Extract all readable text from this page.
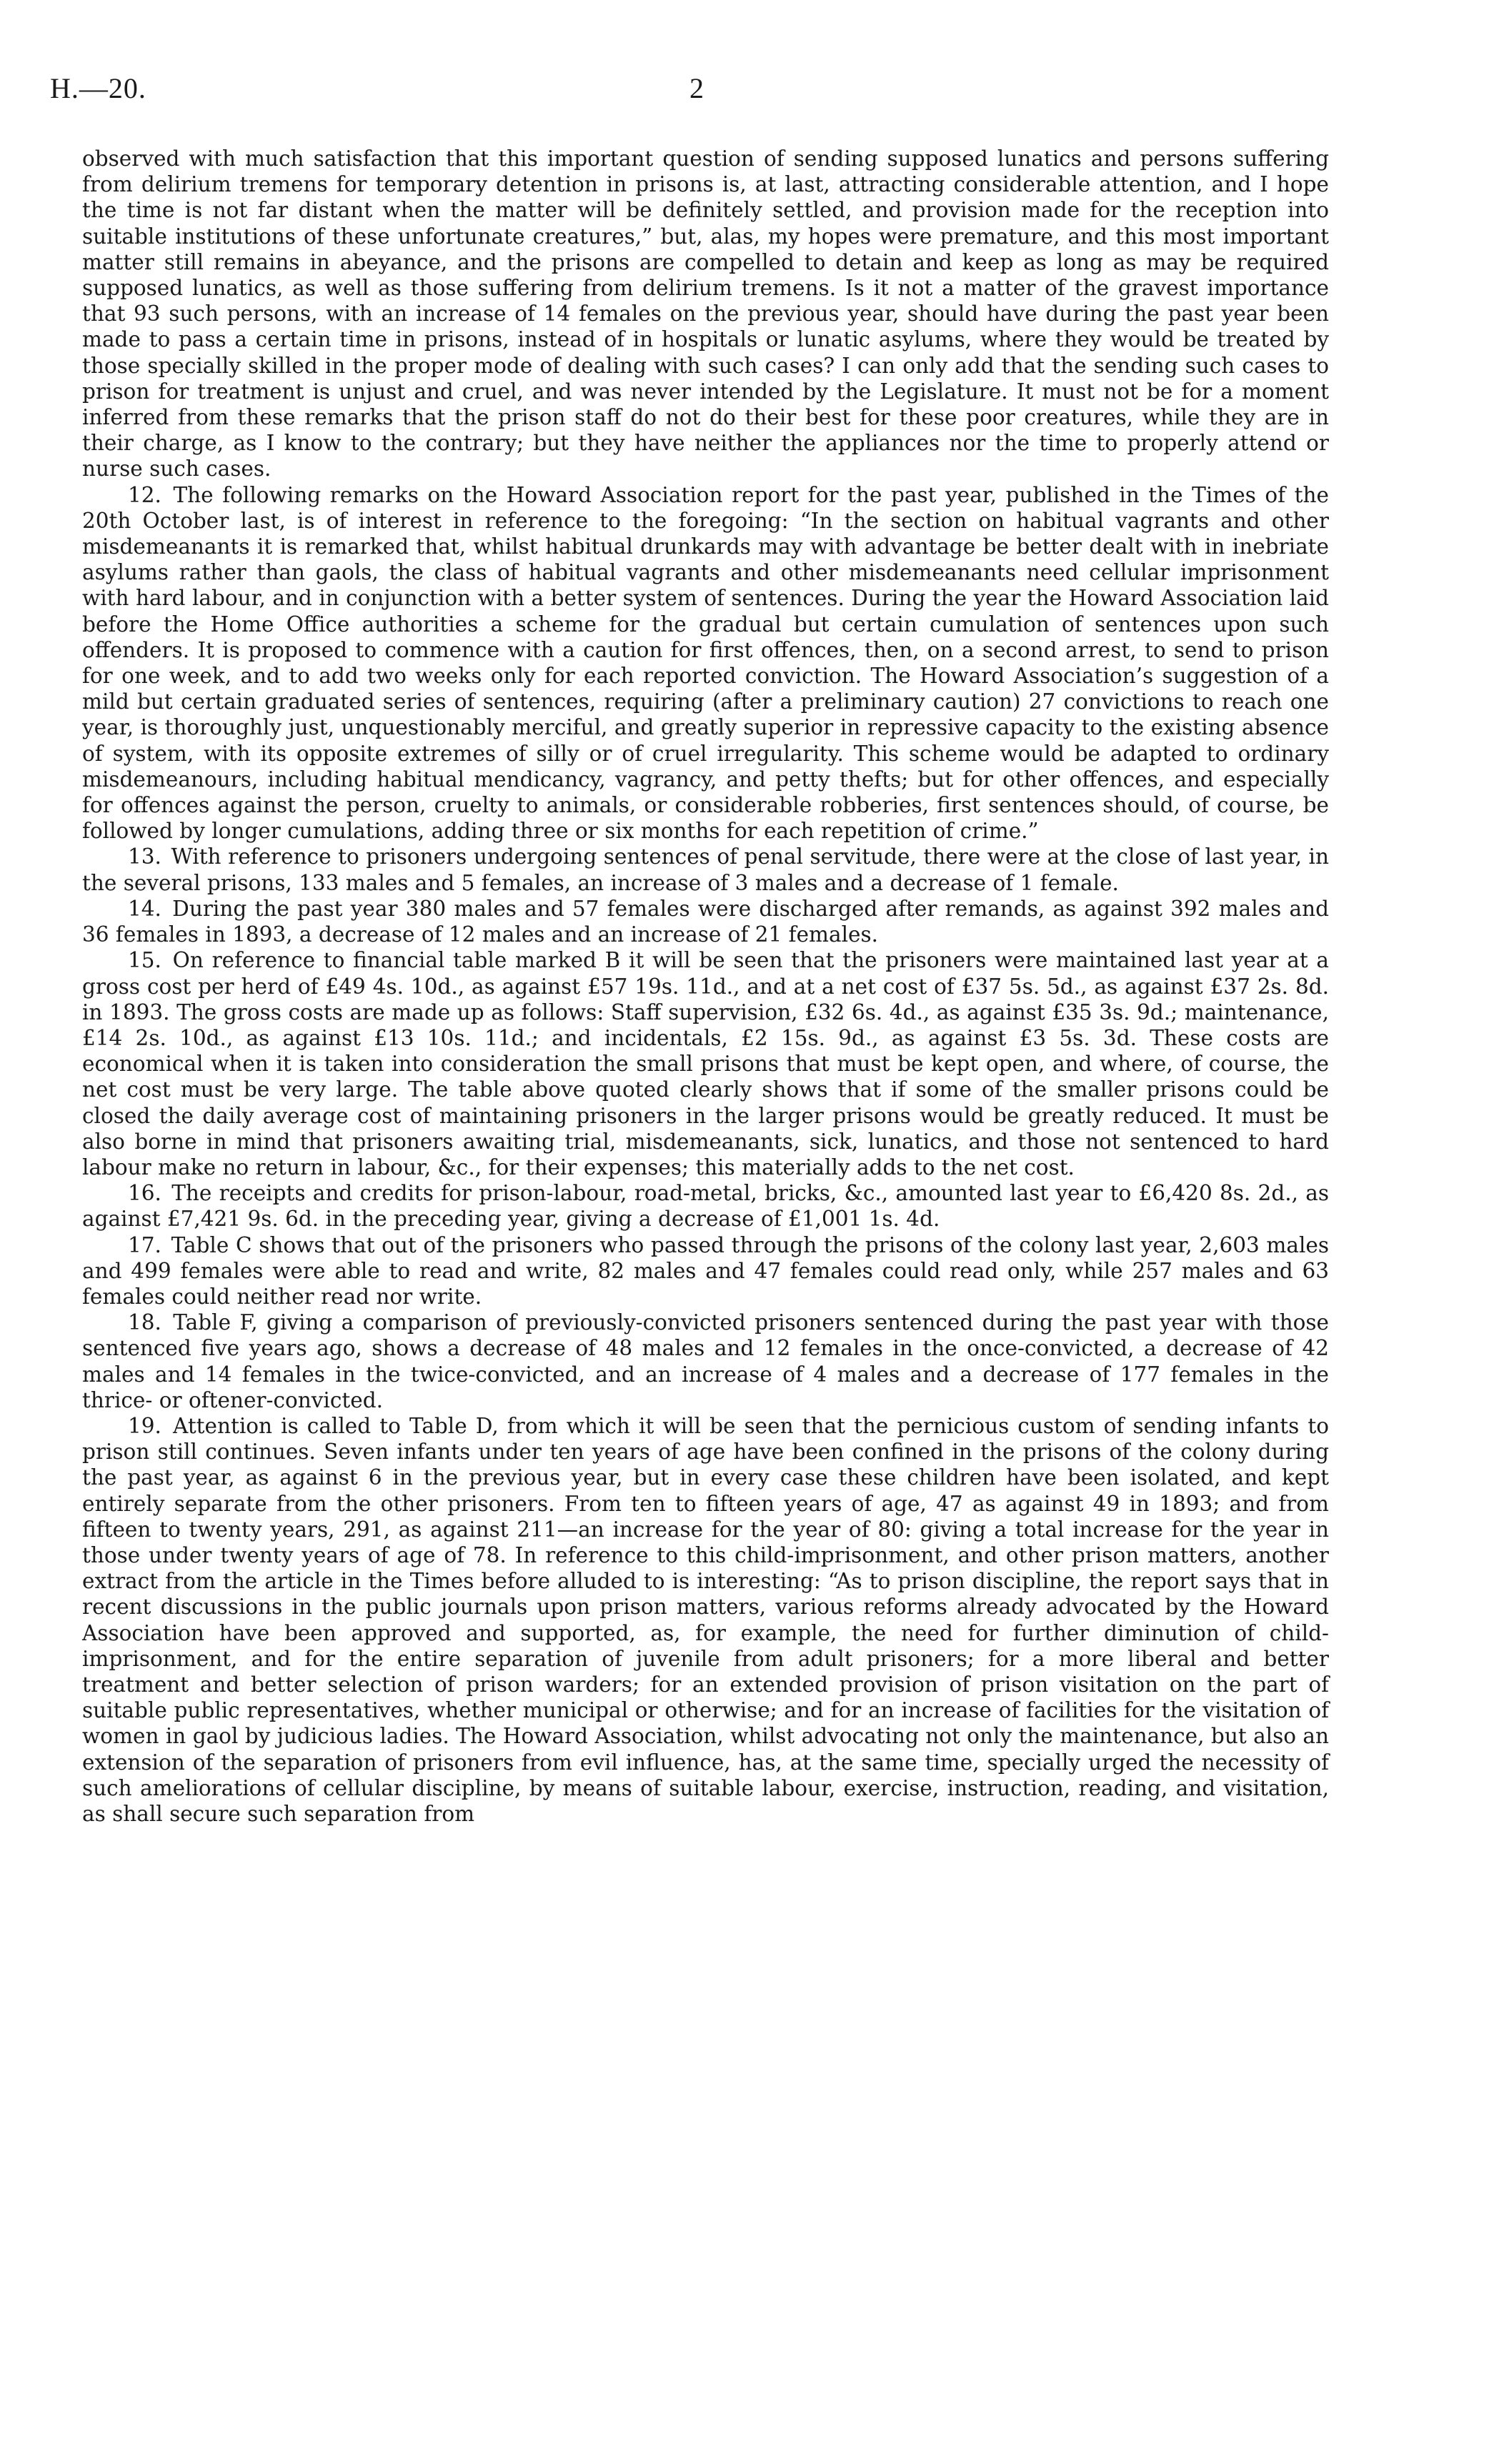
H.—20.	2

observed with much satisfaction that this important question of sending supposed lunatics and persons suffering from delirium tremens for temporary detention in prisons is, at last, attracting considerable attention, and I hope the time is not far distant when the matter will be definitely settled, and provision made for the reception into suitable institutions of these unfortunate creatures,” but, alas, my hopes were premature, and this most important matter still remains in abeyance, and the prisons are compelled to detain and keep as long as may be required supposed lunatics, as well as those suffering from delirium tremens. Is it not a matter of the gravest importance that 93 such persons, with an increase of 14 females on the previous year, should have during the past year been made to pass a certain time in prisons, instead of in hospitals or lunatic asylums, where they would be treated by those specially skilled in the proper mode of dealing with such cases? I can only add that the sending such cases to prison for treatment is unjust and cruel, and was never intended by the Legislature. It must not be for a moment inferred from these remarks that the prison staff do not do their best for these poor creatures, while they are in their charge, as I know to the contrary; but they have neither the appliances nor the time to properly attend or nurse such cases.

12. The following remarks on the Howard Association report for the past year, published in the Times of the 20th October last, is of interest in reference to the foregoing: “In the section on habitual vagrants and other misdemeanants it is remarked that, whilst habitual drunkards may with advantage be better dealt with in inebriate asylums rather than gaols, the class of habitual vagrants and other misdemeanants need cellular imprisonment with hard labour, and in conjunction with a better system of sentences. During the year the Howard Association laid before the Home Office authorities a scheme for the gradual but certain cumulation of sentences upon such offenders. It is proposed to commence with a caution for first offences, then, on a second arrest, to send to prison for one week, and to add two weeks only for each reported conviction. The Howard Association’s suggestion of a mild but certain graduated series of sentences, requiring (after a preliminary caution) 27 convictions to reach one year, is thoroughly just, unquestionably merciful, and greatly superior in repressive capacity to the existing absence of system, with its opposite extremes of silly or of cruel irregularity. This scheme would be adapted to ordinary misdemeanours, including habitual mendicancy, vagrancy, and petty thefts; but for other offences, and especially for offences against the person, cruelty to animals, or considerable robberies, first sentences should, of course, be followed by longer cumulations, adding three or six months for each repetition of crime.”

13. With reference to prisoners undergoing sentences of penal servitude, there were at the close of last year, in the several prisons, 133 males and 5 females, an increase of 3 males and a decrease of 1 female.

14. During the past year 380 males and 57 females were discharged after remands, as against 392 males and 36 females in 1893, a decrease of 12 males and an increase of 21 females.

15. On reference to financial table marked B it will be seen that the prisoners were maintained last year at a gross cost per herd of £49 4s. 10d., as against £57 19s. 11d., and at a net cost of £37 5s. 5d., as against £37 2s. 8d. in 1893. The gross costs are made up as follows: Staff supervision, £32 6s. 4d., as against £35 3s. 9d.; maintenance, £14 2s. 10d., as against £13 10s. 11d.; and incidentals, £2 15s. 9d., as against £3 5s. 3d. These costs are economical when it is taken into consideration the small prisons that must be kept open, and where, of course, the net cost must be very large. The table above quoted clearly shows that if some of the smaller prisons could be closed the daily average cost of maintaining prisoners in the larger prisons would be greatly reduced. It must be also borne in mind that prisoners awaiting trial, misdemeanants, sick, lunatics, and those not sentenced to hard labour make no return in labour, &c., for their expenses; this materially adds to the net cost.

16. The receipts and credits for prison-labour, road-metal, bricks, &c., amounted last year to £6,420 8s. 2d., as against £7,421 9s. 6d. in the preceding year, giving a decrease of £1,001 1s. 4d.

17. Table C shows that out of the prisoners who passed through the prisons of the colony last year, 2,603 males and 499 females were able to read and write, 82 males and 47 females could read only, while 257 males and 63 females could neither read nor write.

18. Table F, giving a comparison of previously-convicted prisoners sentenced during the past year with those sentenced five years ago, shows a decrease of 48 males and 12 females in the once-convicted, a decrease of 42 males and 14 females in the twice-convicted, and an increase of 4 males and a decrease of 177 females in the thrice- or oftener-convicted.

19. Attention is called to Table D, from which it will be seen that the pernicious custom of sending infants to prison still continues. Seven infants under ten years of age have been confined in the prisons of the colony during the past year, as against 6 in the previous year, but in every case these children have been isolated, and kept entirely separate from the other prisoners. From ten to fifteen years of age, 47 as against 49 in 1893; and from fifteen to twenty years, 291, as against 211—an increase for the year of 80: giving a total increase for the year in those under twenty years of age of 78. In reference to this child-imprisonment, and other prison matters, another extract from the article in the Times before alluded to is interesting: “As to prison discipline, the report says that in recent discussions in the public journals upon prison matters, various reforms already advocated by the Howard Association have been approved and supported, as, for example, the need for further diminution of child-imprisonment, and for the entire separation of juvenile from adult prisoners; for a more liberal and better treatment and better selection of prison warders; for an extended provision of prison visitation on the part of suitable public representatives, whether municipal or otherwise; and for an increase of facilities for the visitation of women in gaol by judicious ladies. The Howard Association, whilst advocating not only the maintenance, but also an extension of the separation of prisoners from evil influence, has, at the same time, specially urged the necessity of such ameliorations of cellular discipline, by means of suitable labour, exercise, instruction, reading, and visitation, as shall secure such separation from
